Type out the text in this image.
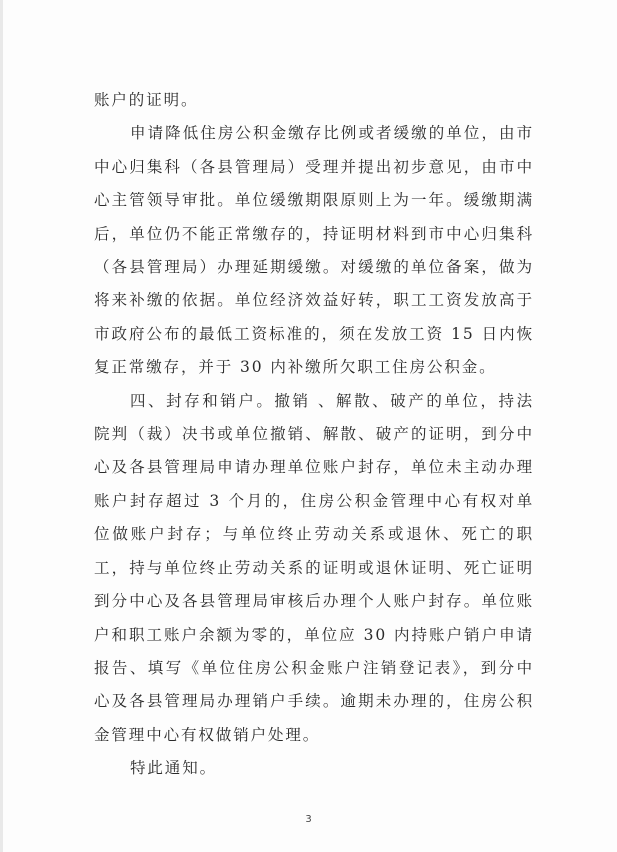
账户的证明。

申请降低住房公积金缴存比例或者缓缴的单位，由市中心归集科（各县管理局）受理并提出初步意见，由市中心主管领导审批。单位缓缴期限原则上为一年。缓缴期满后，单位仍不能正常缴存的，持证明材料到市中心归集科（各县管理局）办理延期缓缴。对缓缴的单位备案，做为将来补缴的依据。单位经济效益好转，职工工资发放高于市政府公布的最低工资标准的，须在发放工资 15 日内恢复正常缴存，并于 30 内补缴所欠职工住房公积金。

四、封存和销户。撤销 、解散、破产的单位，持法院判（裁）决书或单位撤销、解散、破产的证明，到分中心及各县管理局申请办理单位账户封存，单位未主动办理账户封存超过 3 个月的，住房公积金管理中心有权对单位做账户封存；与单位终止劳动关系或退休、死亡的职工，持与单位终止劳动关系的证明或退休证明、死亡证明到分中心及各县管理局审核后办理个人账户封存。单位账户和职工账户余额为零的，单位应 30 内持账户销户申请报告、填写《单位住房公积金账户注销登记表》，到分中心及各县管理局办理销户手续。逾期未办理的，住房公积金管理中心有权做销户处理。

特此通知。

3
